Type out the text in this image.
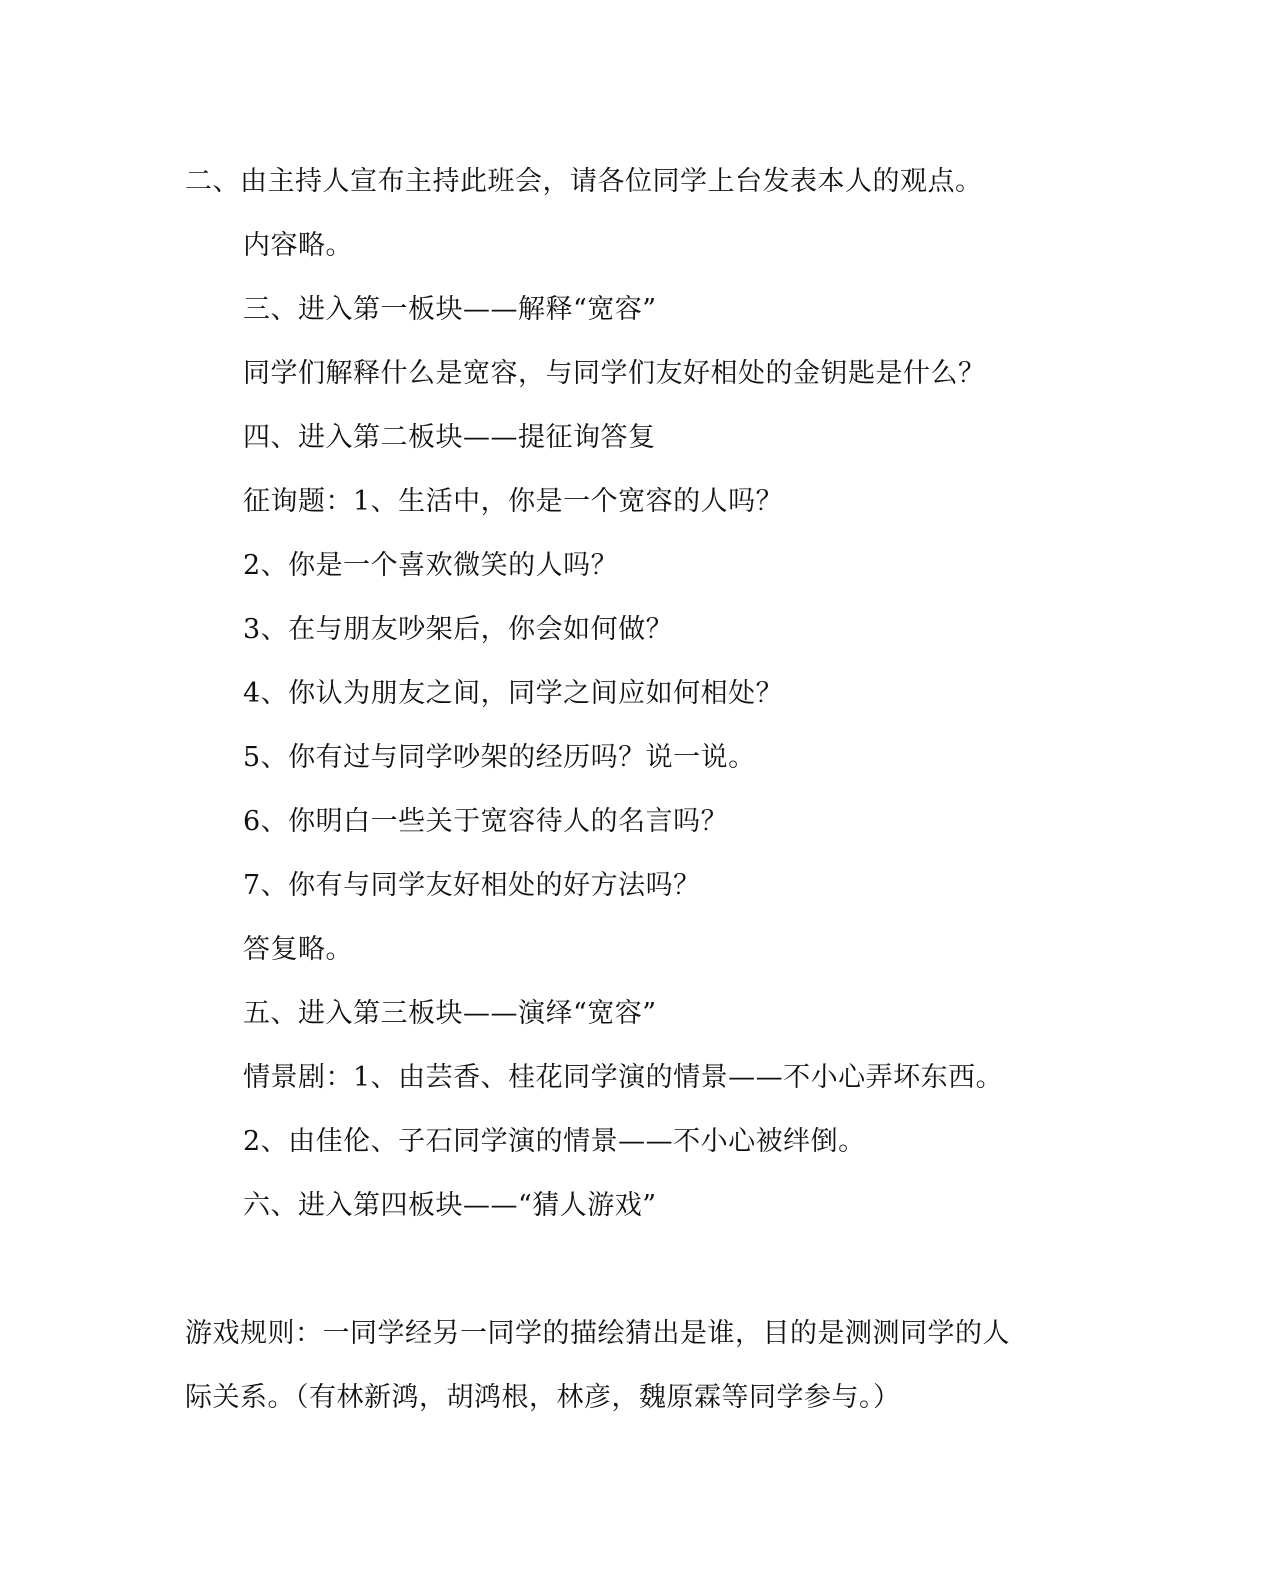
二、由主持人宣布主持此班会，请各位同学上台发表本人的观点。
内容略。
三、进入第一板块——解释“宽容”
同学们解释什么是宽容，与同学们友好相处的金钥匙是什么？
四、进入第二板块——提征询答复
征询题：1、生活中，你是一个宽容的人吗？
2、你是一个喜欢微笑的人吗？
3、在与朋友吵架后，你会如何做？
4、你认为朋友之间，同学之间应如何相处？
5、你有过与同学吵架的经历吗？说一说。
6、你明白一些关于宽容待人的名言吗？
7、你有与同学友好相处的好方法吗？
答复略。
五、进入第三板块——演绎“宽容”
情景剧：1、由芸香、桂花同学演的情景——不小心弄坏东西。
2、由佳伦、子石同学演的情景——不小心被绊倒。
六、进入第四板块——“猜人游戏”
游戏规则：一同学经另一同学的描绘猜出是谁，目的是测测同学的人
际关系。（有林新鸿，胡鸿根，林彦，魏原霖等同学参与。）
